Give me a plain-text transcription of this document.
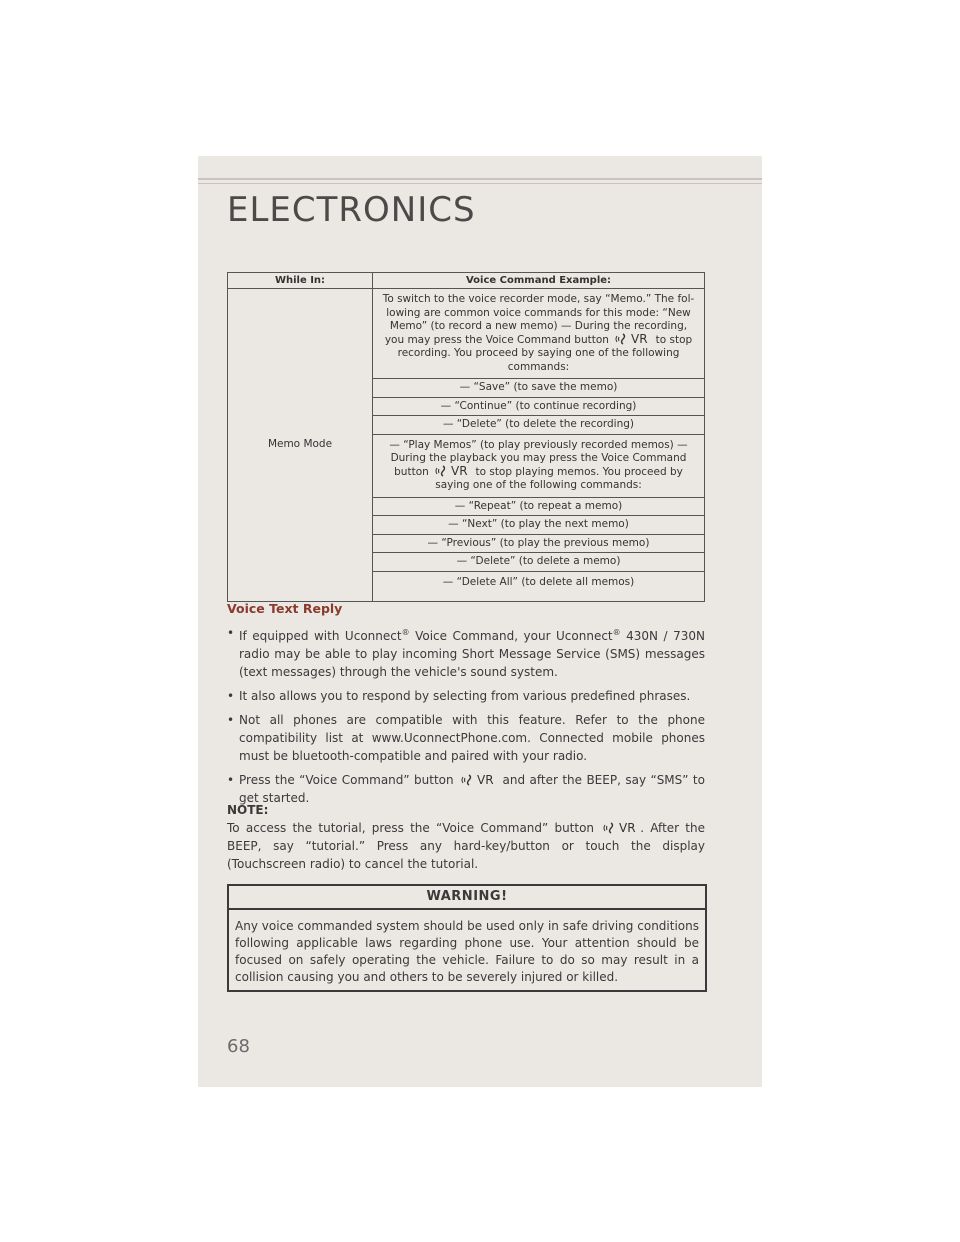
ELECTRONICS
While In:	Voice Command Example:
Memo Mode	To switch to the voice recorder mode, say “Memo.” The fol- lowing are common voice commands for this mode: “New Memo” (to record a new memo) — During the recording, you may press the Voice Command button VR to stop recording. You proceed by saying one of the following commands:
	— “Save” (to save the memo)
	— “Continue” (to continue recording)
	— “Delete” (to delete the recording)
	— “Play Memos” (to play previously recorded memos) — During the playback you may press the Voice Command button VR to stop playing memos. You proceed by saying one of the following commands:
	— “Repeat” (to repeat a memo)
	— “Next” (to play the next memo)
	— “Previous” (to play the previous memo)
	— “Delete” (to delete a memo)
	— “Delete All” (to delete all memos)
Voice Text Reply
• If equipped with Uconnect® Voice Command, your Uconnect® 430N / 730N radio may be able to play incoming Short Message Service (SMS) messages (text messages) through the vehicle's sound system.
• It also allows you to respond by selecting from various predefined phrases.
• Not all phones are compatible with this feature. Refer to the phone compatibility list at www.UconnectPhone.com. Connected mobile phones must be bluetooth-compatible and paired with your radio.
• Press the “Voice Command” button VR and after the BEEP, say “SMS” to get started.
NOTE:
To access the tutorial, press the “Voice Command” button VR . After the BEEP, say “tutorial.” Press any hard-key/button or touch the display (Touchscreen radio) to cancel the tutorial.
WARNING!
Any voice commanded system should be used only in safe driving conditions following applicable laws regarding phone use. Your attention should be focused on safely operating the vehicle. Failure to do so may result in a collision causing you and others to be severely injured or killed.
68
